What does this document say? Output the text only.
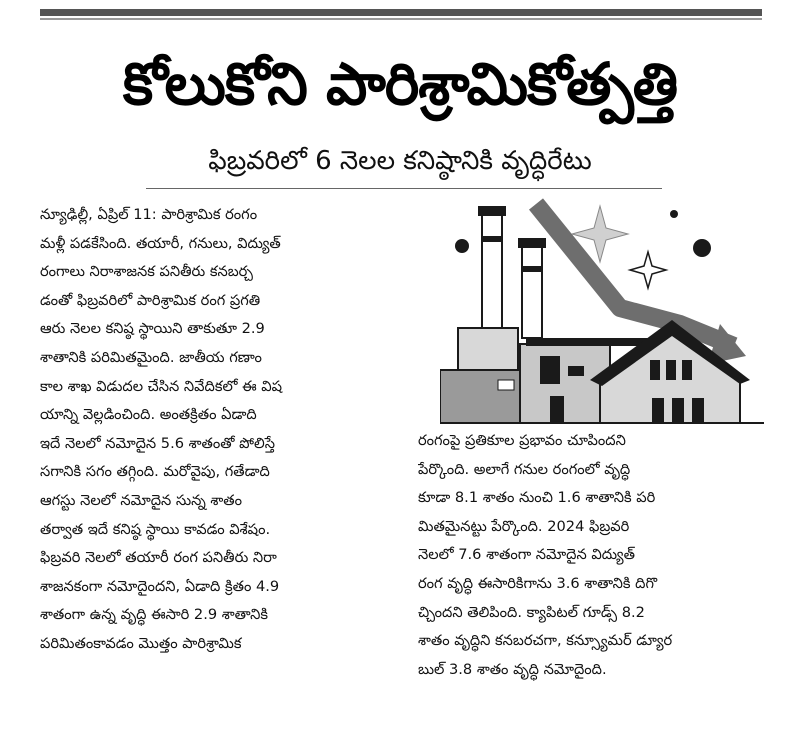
కోలుకోని పారిశ్రామికోత్పత్తి
ఫిబ్రవరిలో 6 నెలల కనిష్ఠానికి వృద్ధిరేటు
న్యూఢిల్లీ, ఏప్రిల్ 11: పారిశ్రామిక రంగం
మళ్లీ పడకేసింది. తయారీ, గనులు, విద్యుత్
రంగాలు నిరాశాజనక పనితీరు కనబర్చ
డంతో ఫిబ్రవరిలో పారిశ్రామిక రంగ ప్రగతి
ఆరు నెలల కనిష్ఠ స్థాయిని తాకుతూ 2.9
శాతానికి పరిమితమైంది. జాతీయ గణాం
కాల శాఖ విడుదల చేసిన నివేదికలో ఈ విష
యాన్ని వెల్లడించింది. అంతక్రితం ఏడాది
ఇదే నెలలో నమోదైన 5.6 శాతంతో పోలిస్తే
సగానికి సగం తగ్గింది. మరోవైపు, గతేడాది
ఆగస్టు నెలలో నమోదైన సున్న శాతం
తర్వాత ఇదే కనిష్ఠ స్థాయి కావడం విశేషం.
ఫిబ్రవరి నెలలో తయారీ రంగ పనితీరు నిరా
శాజనకంగా నమోదైందని, ఏడాది క్రితం 4.9
శాతంగా ఉన్న వృద్ధి ఈసారి 2.9 శాతానికి
పరిమితంకావడం మొత్తం పారిశ్రామిక
రంగంపై ప్రతికూల ప్రభావం చూపిందని
పేర్కొంది. అలాగే గనుల రంగంలో వృద్ధి
కూడా 8.1 శాతం నుంచి 1.6 శాతానికి పరి
మితమైనట్టు పేర్కొంది. 2024 ఫిబ్రవరి
నెలలో 7.6 శాతంగా నమోదైన విద్యుత్
రంగ వృద్ధి ఈసారికిగాను 3.6 శాతానికి దిగొ
చ్చిందని తెలిపింది. క్యాపిటల్ గూడ్స్ 8.2
శాతం వృద్ధిని కనబరచగా, కన్స్యూమర్ డ్యూర
బుల్ 3.8 శాతం వృద్ధి నమోదైంది.
